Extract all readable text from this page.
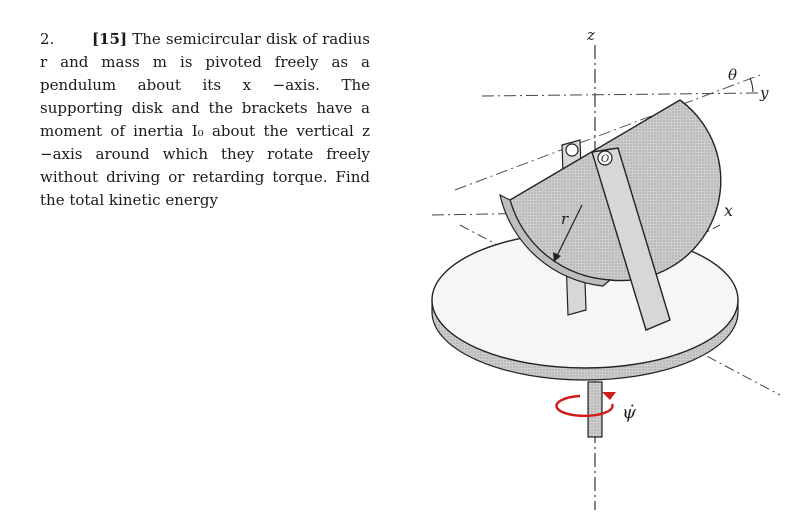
2.	[15] The semicircular disk of radius r and mass m is pivoted freely as a pendulum about its x −axis. The supporting disk and the brackets have a moment of inertia I₀ about the vertical z −axis around which they rotate freely without driving or retarding torque. Find the total kinetic energy
z
y
x
θ
r
ψ̇
O
